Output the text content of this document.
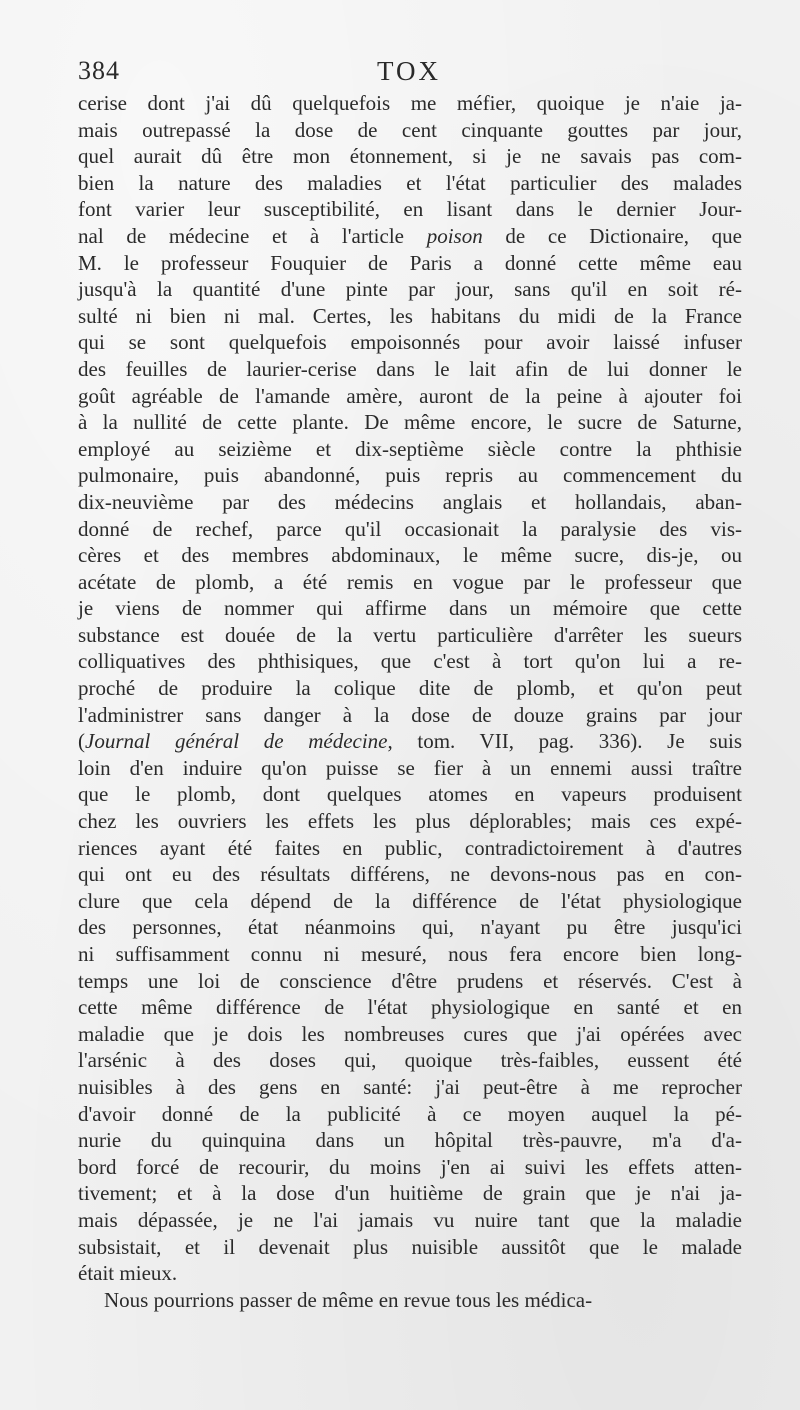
384	TOX
cerise dont j'ai dû quelquefois me méfier, quoique je n'aie ja-
mais outrepassé la dose de cent cinquante gouttes par jour,
quel aurait dû être mon étonnement, si je ne savais pas com-
bien la nature des maladies et l'état particulier des malades
font varier leur susceptibilité, en lisant dans le dernier Jour-
nal de médecine et à l'article poison de ce Dictionaire, que
M. le professeur Fouquier de Paris a donné cette même eau
jusqu'à la quantité d'une pinte par jour, sans qu'il en soit ré-
sulté ni bien ni mal. Certes, les habitans du midi de la France
qui se sont quelquefois empoisonnés pour avoir laissé infuser
des feuilles de laurier-cerise dans le lait afin de lui donner le
goût agréable de l'amande amère, auront de la peine à ajouter foi
à la nullité de cette plante. De même encore, le sucre de Saturne,
employé au seizième et dix-septième siècle contre la phthisie
pulmonaire, puis abandonné, puis repris au commencement du
dix-neuvième par des médecins anglais et hollandais, aban-
donné de rechef, parce qu'il occasionait la paralysie des vis-
cères et des membres abdominaux, le même sucre, dis-je, ou
acétate de plomb, a été remis en vogue par le professeur que
je viens de nommer qui affirme dans un mémoire que cette
substance est douée de la vertu particulière d'arrêter les sueurs
colliquatives des phthisiques, que c'est à tort qu'on lui a re-
proché de produire la colique dite de plomb, et qu'on peut
l'administrer sans danger à la dose de douze grains par jour
(Journal général de médecine, tom. VII, pag. 336). Je suis
loin d'en induire qu'on puisse se fier à un ennemi aussi traître
que le plomb, dont quelques atomes en vapeurs produisent
chez les ouvriers les effets les plus déplorables; mais ces expé-
riences ayant été faites en public, contradictoirement à d'autres
qui ont eu des résultats différens, ne devons-nous pas en con-
clure que cela dépend de la différence de l'état physiologique
des personnes, état néanmoins qui, n'ayant pu être jusqu'ici
ni suffisamment connu ni mesuré, nous fera encore bien long-
temps une loi de conscience d'être prudens et réservés. C'est à
cette même différence de l'état physiologique en santé et en
maladie que je dois les nombreuses cures que j'ai opérées avec
l'arsénic à des doses qui, quoique très-faibles, eussent été
nuisibles à des gens en santé: j'ai peut-être à me reprocher
d'avoir donné de la publicité à ce moyen auquel la pé-
nurie du quinquina dans un hôpital très-pauvre, m'a d'a-
bord forcé de recourir, du moins j'en ai suivi les effets atten-
tivement; et à la dose d'un huitième de grain que je n'ai ja-
mais dépassée, je ne l'ai jamais vu nuire tant que la maladie
subsistait, et il devenait plus nuisible aussitôt que le malade
était mieux.
Nous pourrions passer de même en revue tous les médica-
